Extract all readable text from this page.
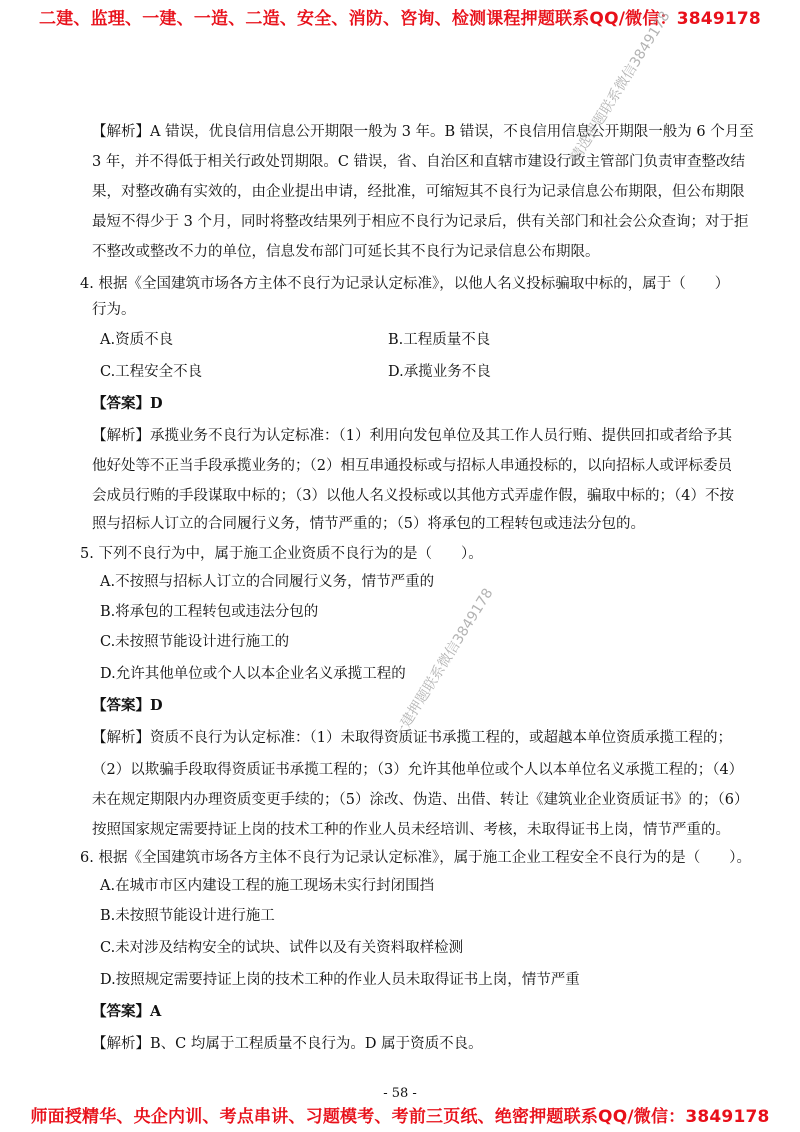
二建、监理、一建、一造、二造、安全、消防、咨询、检测课程押题联系QQ/微信：3849178
【解析】A 错误，优良信用信息公开期限一般为 3 年。B 错误，不良信用信息公开期限一般为 6 个月至
3 年，并不得低于相关行政处罚期限。C 错误，省、自治区和直辖市建设行政主管部门负责审查整改结
果，对整改确有实效的，由企业提出申请，经批准，可缩短其不良行为记录信息公布期限，但公布期限
最短不得少于 3 个月，同时将整改结果列于相应不良行为记录后，供有关部门和社会公众查询；对于拒
不整改或整改不力的单位，信息发布部门可延长其不良行为记录信息公布期限。
4. 根据《全国建筑市场各方主体不良行为记录认定标准》，以他人名义投标骗取中标的，属于（　　）
行为。
A.资质不良	B.工程质量不良
C.工程安全不良	D.承揽业务不良
【答案】D
【解析】承揽业务不良行为认定标准：（1）利用向发包单位及其工作人员行贿、提供回扣或者给予其
他好处等不正当手段承揽业务的；（2）相互串通投标或与招标人串通投标的，以向招标人或评标委员
会成员行贿的手段谋取中标的；（3）以他人名义投标或以其他方式弄虚作假，骗取中标的；（4）不按
照与招标人订立的合同履行义务，情节严重的；（5）将承包的工程转包或违法分包的。
5. 下列不良行为中，属于施工企业资质不良行为的是（　　）。
A.不按照与招标人订立的合同履行义务，情节严重的
B.将承包的工程转包或违法分包的
C.未按照节能设计进行施工的
D.允许其他单位或个人以本企业名义承揽工程的
【答案】D
【解析】资质不良行为认定标准：（1）未取得资质证书承揽工程的，或超越本单位资质承揽工程的；
（2）以欺骗手段取得资质证书承揽工程的；（3）允许其他单位或个人以本单位名义承揽工程的；（4）
未在规定期限内办理资质变更手续的；（5）涂改、伪造、出借、转让《建筑业企业资质证书》的；（6）
按照国家规定需要持证上岗的技术工种的作业人员未经培训、考核，未取得证书上岗，情节严重的。
6. 根据《全国建筑市场各方主体不良行为记录认定标准》，属于施工企业工程安全不良行为的是（　　）。
A.在城市市区内建设工程的施工现场未实行封闭围挡
B.未按照节能设计进行施工
C.未对涉及结构安全的试块、试件以及有关资料取样检测
D.按照规定需要持证上岗的技术工种的作业人员未取得证书上岗，情节严重
【答案】A
【解析】B、C 均属于工程质量不良行为。D 属于资质不良。
精选押题联系微信3849178
一建押题联系微信3849178
- 58 -
师面授精华、央企内训、考点串讲、习题模考、考前三页纸、绝密押题联系QQ/微信：3849178
